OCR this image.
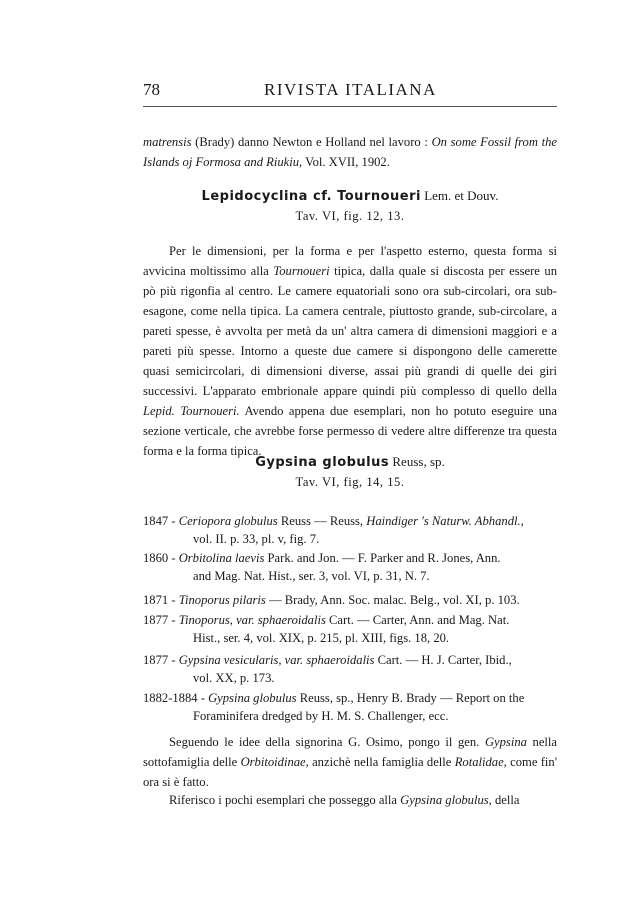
78	RIVISTA ITALIANA
matrensis (Brady) danno Newton e Holland nel lavoro : On some Fossil from the Islands oj Formosa and Riukiu, Vol. XVII, 1902.
Lepidocyclina cf. Tournoueri Lem. et Douv.
Tav. VI, fig. 12, 13.
Per le dimensioni, per la forma e per l'aspetto esterno, questa forma si avvicina moltissimo alla Tournoueri tipica, dalla quale si discosta per essere un pò più rigonfia al centro. Le camere equatoriali sono ora sub-circolari, ora sub-esagone, come nella tipica. La camera centrale, piuttosto grande, sub-circolare, a pareti spesse, è avvolta per metà da un' altra camera di dimensioni maggiori e a pareti più spesse. Intorno a queste due camere si dispongono delle camerette quasi semicircolari, di dimensioni diverse, assai più grandi di quelle dei giri successivi. L'apparato embrionale appare quindi più complesso di quello della Lepid. Tournoueri. Avendo appena due esemplari, non ho potuto eseguire una sezione verticale, che avrebbe forse permesso di vedere altre differenze tra questa forma e la forma tipica.
Gypsina globulus Reuss, sp.
Tav. VI, fig, 14, 15.
1847 - Ceriopora globulus Reuss — Reuss, Haindiger 's Naturw. Abhandl.,
vol. II. p. 33, pl. v, fig. 7.
1860 - Orbitolina laevis Park. and Jon. — F. Parker and R. Jones, Ann.
and Mag. Nat. Hist., ser. 3, vol. VI, p. 31, N. 7.
1871 - Tinoporus pilaris — Brady, Ann. Soc. malac. Belg., vol. XI, p. 103.
1877 - Tinoporus, var. sphaeroidalis Cart. — Carter, Ann. and Mag. Nat.
Hist., ser. 4, vol. XIX, p. 215, pl. XIII, figs. 18, 20.
1877 - Gypsina vesicularis, var. sphaeroidalis Cart. — H. J. Carter, Ibid.,
vol. XX, p. 173.
1882-1884 - Gypsina globulus Reuss, sp., Henry B. Brady — Report on the
Foraminifera dredged by H. M. S. Challenger, ecc.
Seguendo le idee della signorina G. Osimo, pongo il gen. Gypsina nella sottofamiglia delle Orbitoidinae, anzichè nella famiglia delle Rotalidae, come fin' ora si è fatto.
Riferisco i pochi esemplari che posseggo alla Gypsina globulus, della
